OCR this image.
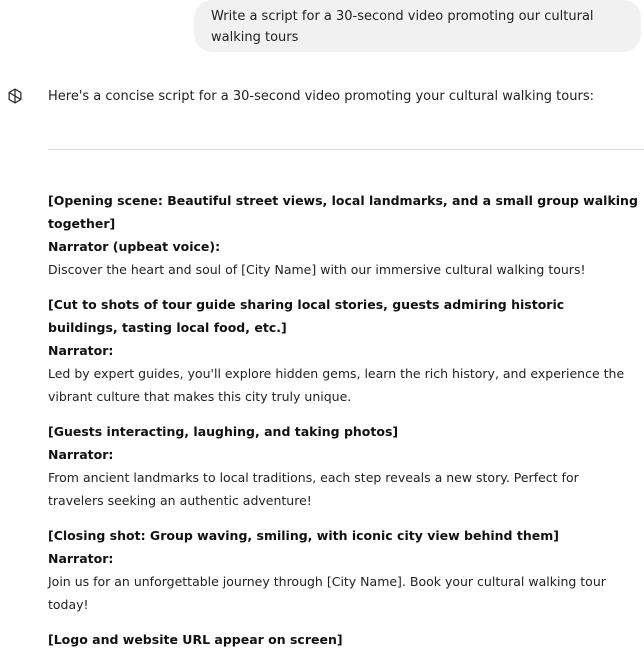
Write a script for a 30-second video promoting our cultural walking tours
Here's a concise script for a 30-second video promoting your cultural walking tours:
[Opening scene: Beautiful street views, local landmarks, and a small group walking together]
Narrator (upbeat voice):
Discover the heart and soul of [City Name] with our immersive cultural walking tours!
[Cut to shots of tour guide sharing local stories, guests admiring historic buildings, tasting local food, etc.]
Narrator:
Led by expert guides, you'll explore hidden gems, learn the rich history, and experience the vibrant culture that makes this city truly unique.
[Guests interacting, laughing, and taking photos]
Narrator:
From ancient landmarks to local traditions, each step reveals a new story. Perfect for travelers seeking an authentic adventure!
[Closing shot: Group waving, smiling, with iconic city view behind them]
Narrator:
Join us for an unforgettable journey through [City Name]. Book your cultural walking tour today!
[Logo and website URL appear on screen]
